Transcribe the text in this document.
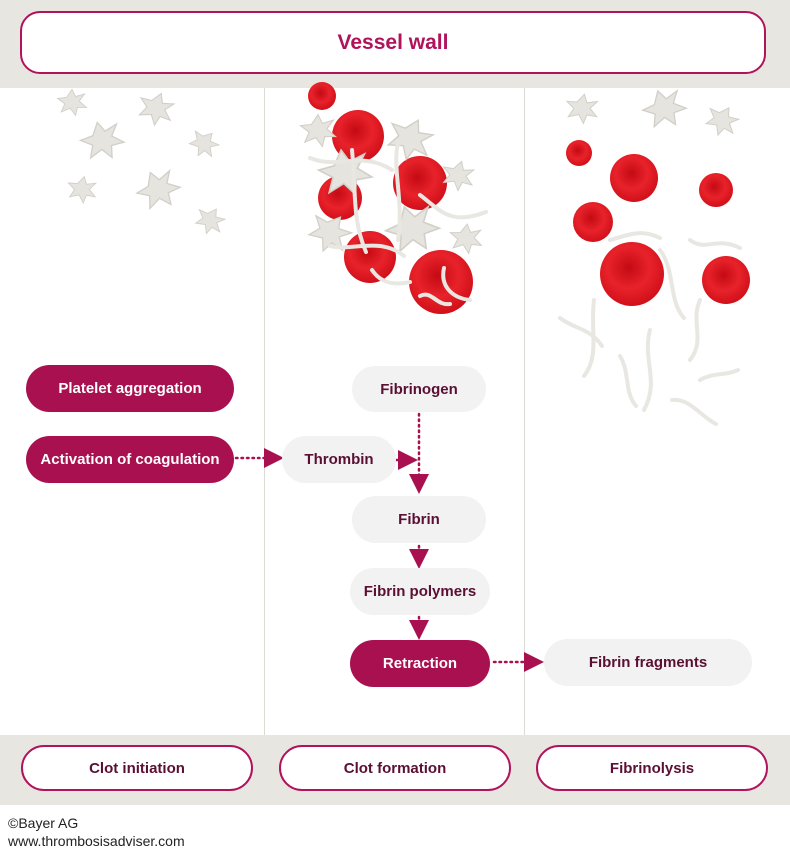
Vessel wall
Platelet aggregation
Activation of coagulation
Fibrinogen
Thrombin
Fibrin
Fibrin polymers
Retraction	Fibrin fragments
Clot initiation	Clot formation	Fibrinolysis
©Bayer AG
www.thrombosisadviser.com
